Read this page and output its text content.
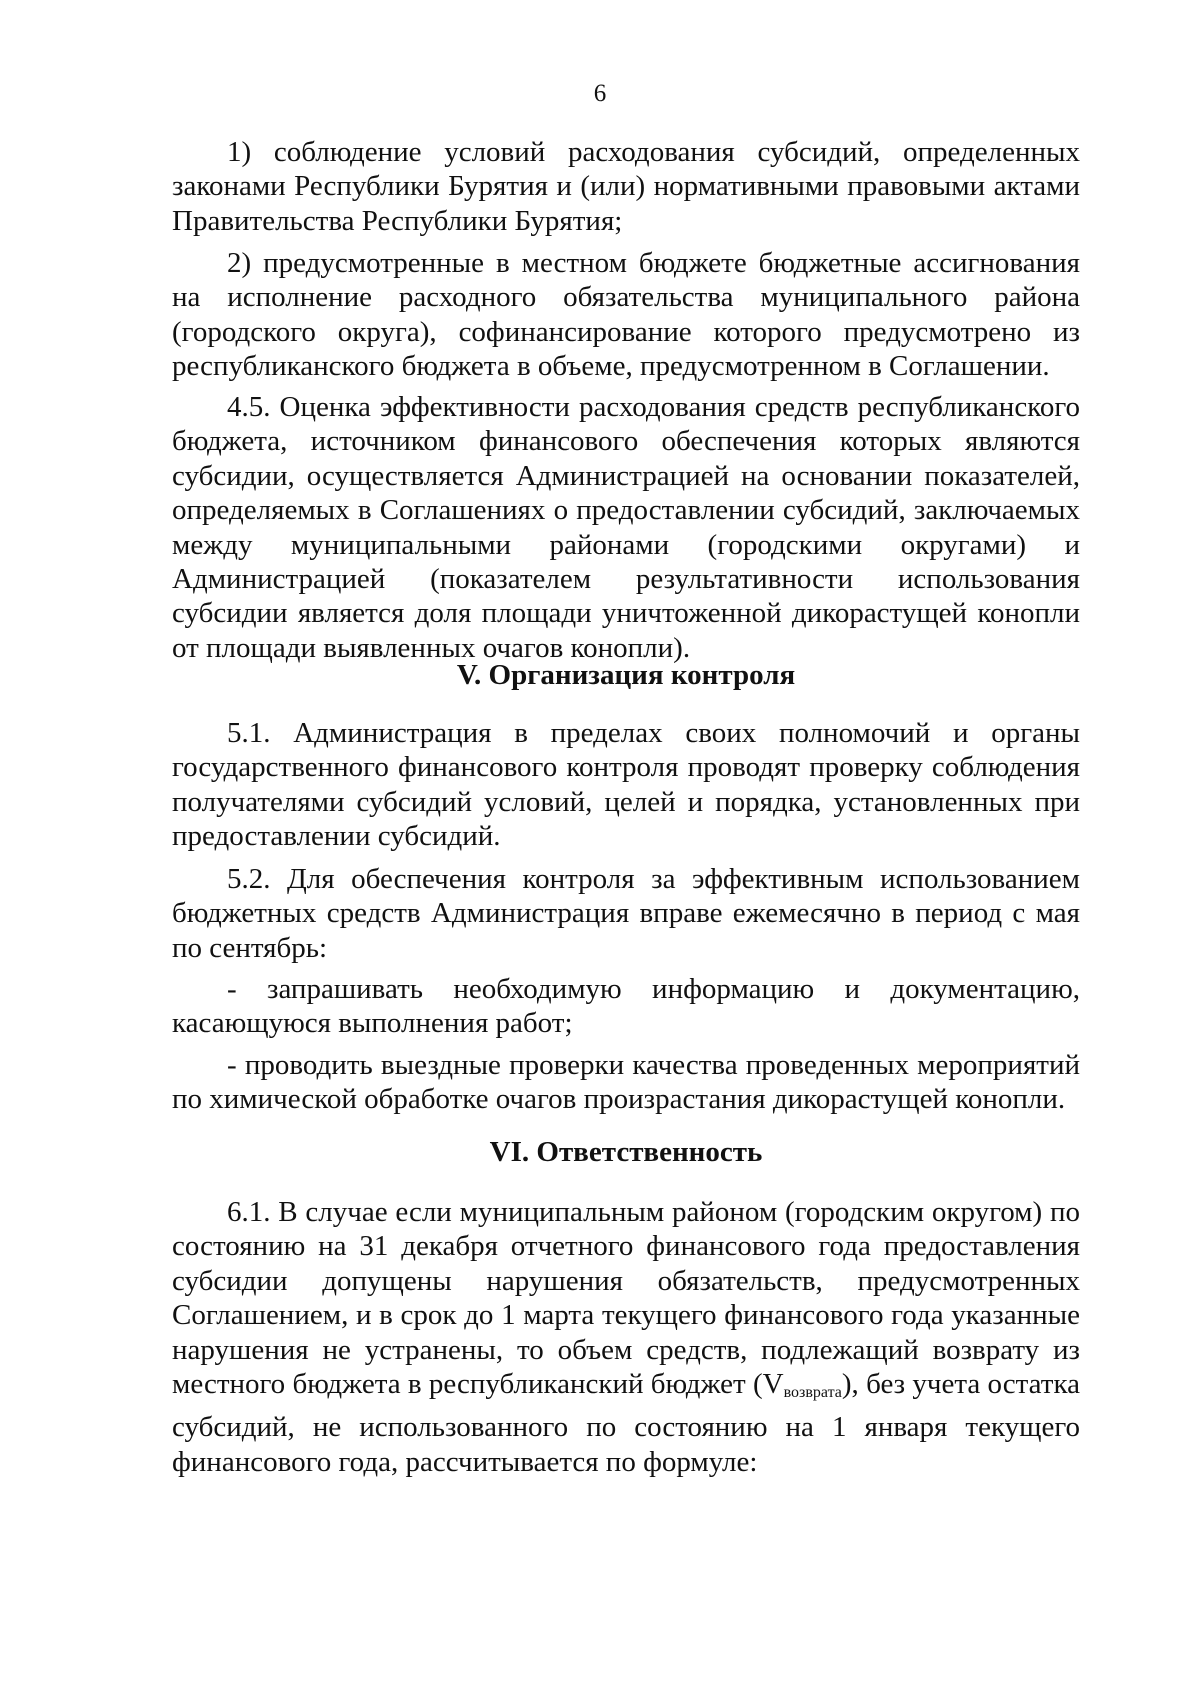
6

1) соблюдение условий расходования субсидий, определенных законами Республики Бурятия и (или) нормативными правовыми актами Правительства Республики Бурятия;

2) предусмотренные в местном бюджете бюджетные ассигнования на исполнение расходного обязательства муниципального района (городского округа), софинансирование которого предусмотрено из республиканского бюджета в объеме, предусмотренном в Соглашении.

4.5. Оценка эффективности расходования средств республиканского бюджета, источником финансового обеспечения которых являются субсидии, осуществляется Администрацией на основании показателей, определяемых в Соглашениях о предоставлении субсидий, заключаемых между муниципальными районами (городскими округами) и Администрацией (показателем результативности использования субсидии является доля площади уничтоженной дикорастущей конопли от площади выявленных очагов конопли).

V. Организация контроля

5.1. Администрация в пределах своих полномочий и органы государственного финансового контроля проводят проверку соблюдения получателями субсидий условий, целей и порядка, установленных при предоставлении субсидий.

5.2. Для обеспечения контроля за эффективным использованием бюджетных средств Администрация вправе ежемесячно в период с мая по сентябрь:

- запрашивать необходимую информацию и документацию, касающуюся выполнения работ;

- проводить выездные проверки качества проведенных мероприятий по химической обработке очагов произрастания дикорастущей конопли.

VI. Ответственность

6.1. В случае если муниципальным районом (городским округом) по состоянию на 31 декабря отчетного финансового года предоставления субсидии допущены нарушения обязательств, предусмотренных Соглашением, и в срок до 1 марта текущего финансового года указанные нарушения не устранены, то объем средств, подлежащий возврату из местного бюджета в республиканский бюджет $(V_{возврата})$, без учета остатка субсидий, не использованного по состоянию на 1 января текущего финансового года, рассчитывается по формуле:
